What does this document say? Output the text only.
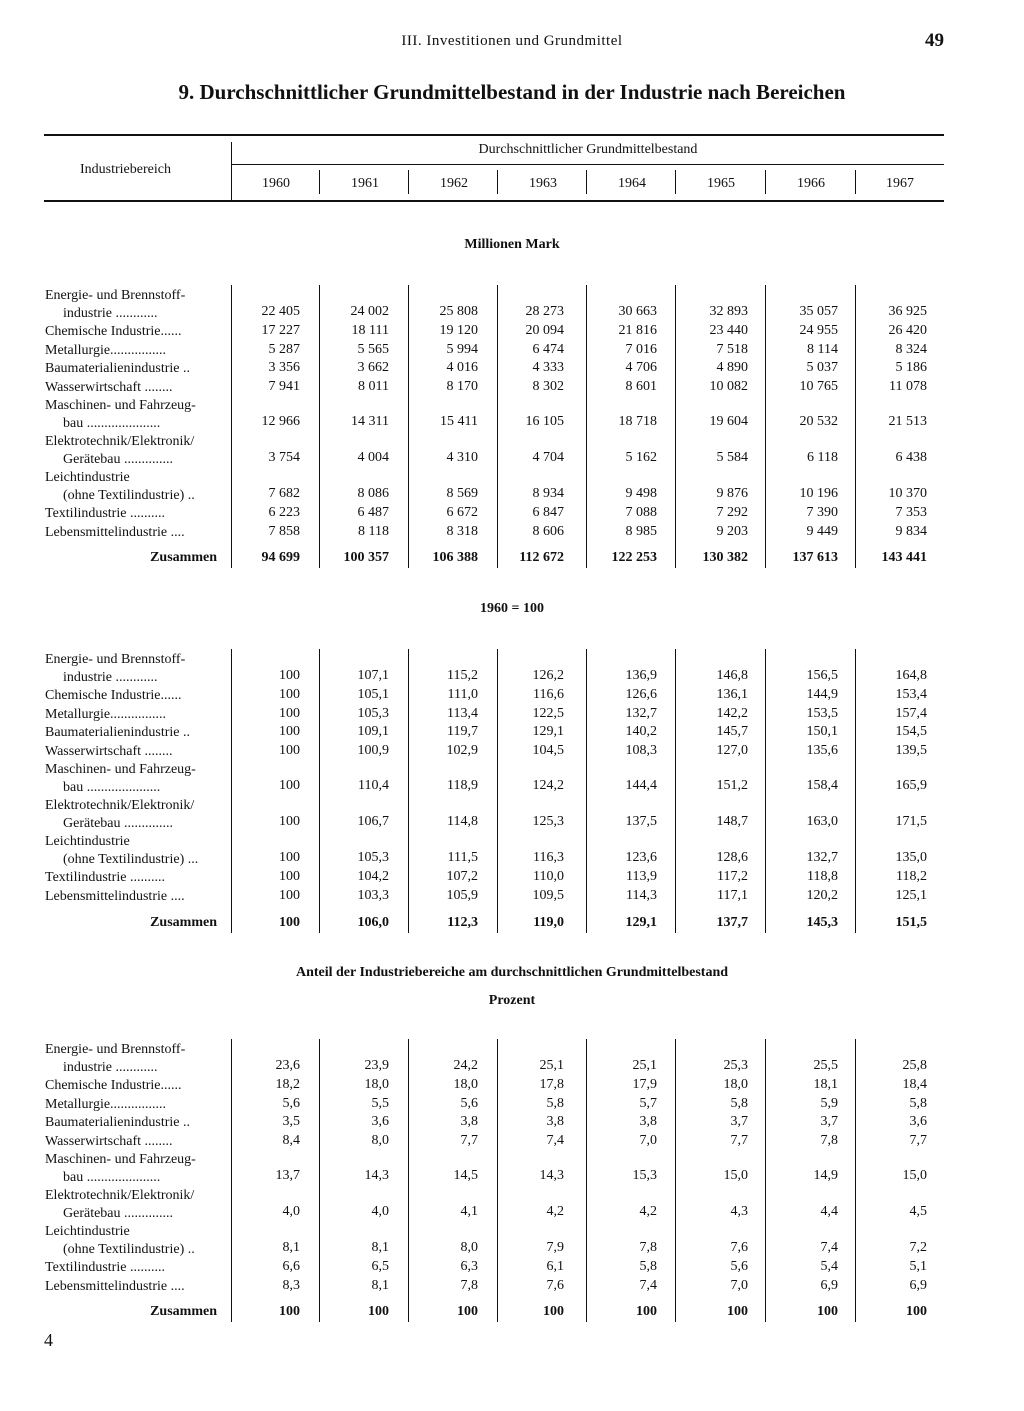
III. Investitionen und Grundmittel	49
9. Durchschnittlicher Grundmittelbestand in der Industrie nach Bereichen
Industriebereich
Durchschnittlicher Grundmittelbestand
1960	1961	1962	1963	1964	1965	1966	1967
Millionen Mark
Energie- und Brennstoff-
industrie ............	22 405	24 002	25 808	28 273	30 663	32 893	35 057	36 925
Chemische Industrie......	17 227	18 111	19 120	20 094	21 816	23 440	24 955	26 420
Metallurgie................	5 287	5 565	5 994	6 474	7 016	7 518	8 114	8 324
Baumaterialienindustrie ..	3 356	3 662	4 016	4 333	4 706	4 890	5 037	5 186
Wasserwirtschaft ........	7 941	8 011	8 170	8 302	8 601	10 082	10 765	11 078
Maschinen- und Fahrzeug-
bau .....................	12 966	14 311	15 411	16 105	18 718	19 604	20 532	21 513
Elektrotechnik/Elektronik/
Gerätebau ..............	3 754	4 004	4 310	4 704	5 162	5 584	6 118	6 438
Leichtindustrie
(ohne Textilindustrie) ..	7 682	8 086	8 569	8 934	9 498	9 876	10 196	10 370
Textilindustrie ..........	6 223	6 487	6 672	6 847	7 088	7 292	7 390	7 353
Lebensmittelindustrie ....	7 858	8 118	8 318	8 606	8 985	9 203	9 449	9 834
Zusammen	94 699	100 357	106 388	112 672	122 253	130 382	137 613	143 441
1960 = 100
Energie- und Brennstoff-
industrie ............	100	107,1	115,2	126,2	136,9	146,8	156,5	164,8
Chemische Industrie......	100	105,1	111,0	116,6	126,6	136,1	144,9	153,4
Metallurgie................	100	105,3	113,4	122,5	132,7	142,2	153,5	157,4
Baumaterialienindustrie ..	100	109,1	119,7	129,1	140,2	145,7	150,1	154,5
Wasserwirtschaft ........	100	100,9	102,9	104,5	108,3	127,0	135,6	139,5
Maschinen- und Fahrzeug-
bau .....................	100	110,4	118,9	124,2	144,4	151,2	158,4	165,9
Elektrotechnik/Elektronik/
Gerätebau ..............	100	106,7	114,8	125,3	137,5	148,7	163,0	171,5
Leichtindustrie
(ohne Textilindustrie) ...	100	105,3	111,5	116,3	123,6	128,6	132,7	135,0
Textilindustrie ..........	100	104,2	107,2	110,0	113,9	117,2	118,8	118,2
Lebensmittelindustrie ....	100	103,3	105,9	109,5	114,3	117,1	120,2	125,1
Zusammen	100	106,0	112,3	119,0	129,1	137,7	145,3	151,5
Anteil der Industriebereiche am durchschnittlichen Grundmittelbestand
Prozent
Energie- und Brennstoff-
industrie ............	23,6	23,9	24,2	25,1	25,1	25,3	25,5	25,8
Chemische Industrie......	18,2	18,0	18,0	17,8	17,9	18,0	18,1	18,4
Metallurgie................	5,6	5,5	5,6	5,8	5,7	5,8	5,9	5,8
Baumaterialienindustrie ..	3,5	3,6	3,8	3,8	3,8	3,7	3,7	3,6
Wasserwirtschaft ........	8,4	8,0	7,7	7,4	7,0	7,7	7,8	7,7
Maschinen- und Fahrzeug-
bau .....................	13,7	14,3	14,5	14,3	15,3	15,0	14,9	15,0
Elektrotechnik/Elektronik/
Gerätebau ..............	4,0	4,0	4,1	4,2	4,2	4,3	4,4	4,5
Leichtindustrie
(ohne Textilindustrie) ..	8,1	8,1	8,0	7,9	7,8	7,6	7,4	7,2
Textilindustrie ..........	6,6	6,5	6,3	6,1	5,8	5,6	5,4	5,1
Lebensmittelindustrie ....	8,3	8,1	7,8	7,6	7,4	7,0	6,9	6,9
Zusammen	100	100	100	100	100	100	100	100
4
